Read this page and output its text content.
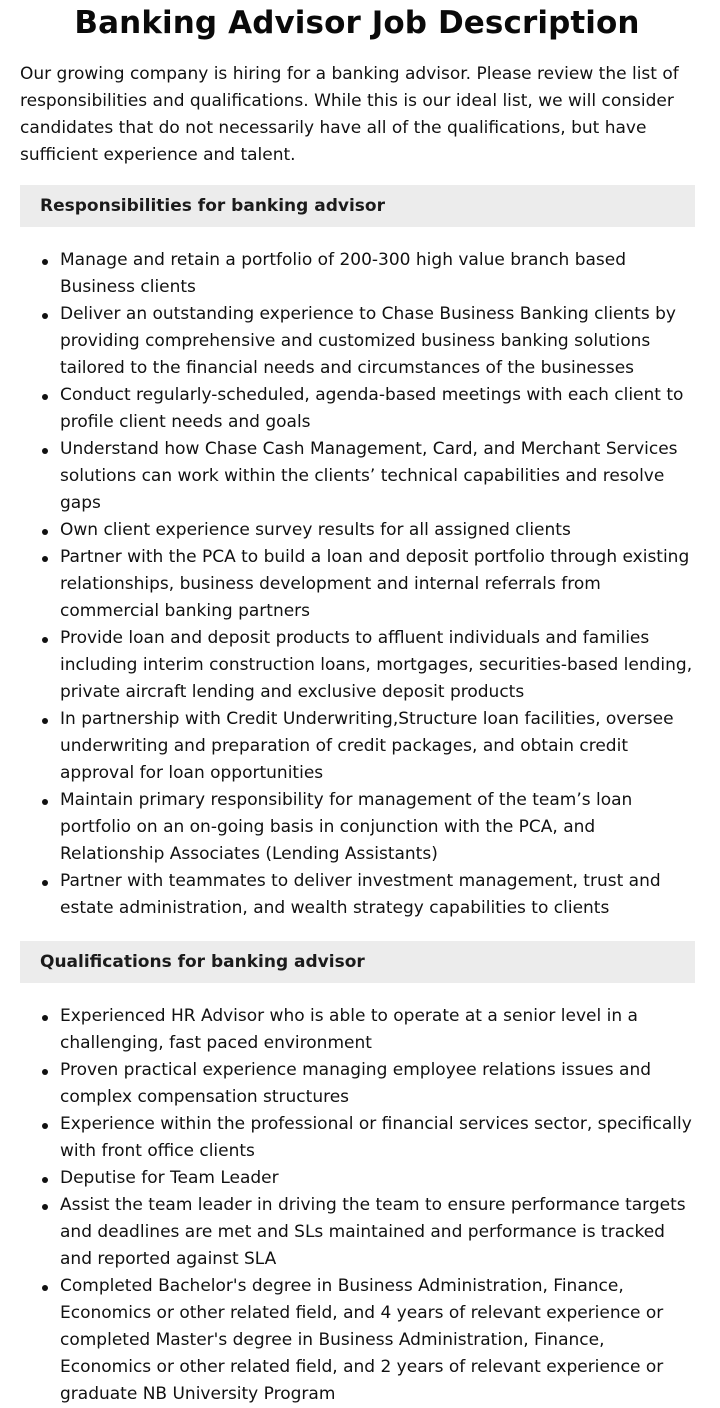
Banking Advisor Job Description

Our growing company is hiring for a banking advisor. Please review the list of responsibilities and qualifications. While this is our ideal list, we will consider candidates that do not necessarily have all of the qualifications, but have sufficient experience and talent.

Responsibilities for banking advisor
Manage and retain a portfolio of 200-300 high value branch based Business clients
Deliver an outstanding experience to Chase Business Banking clients by providing comprehensive and customized business banking solutions tailored to the financial needs and circumstances of the businesses
Conduct regularly-scheduled, agenda-based meetings with each client to profile client needs and goals
Understand how Chase Cash Management, Card, and Merchant Services solutions can work within the clients’ technical capabilities and resolve gaps
Own client experience survey results for all assigned clients
Partner with the PCA to build a loan and deposit portfolio through existing relationships, business development and internal referrals from commercial banking partners
Provide loan and deposit products to affluent individuals and families including interim construction loans, mortgages, securities-based lending, private aircraft lending and exclusive deposit products
In partnership with Credit Underwriting,Structure loan facilities, oversee underwriting and preparation of credit packages, and obtain credit approval for loan opportunities
Maintain primary responsibility for management of the team’s loan portfolio on an on-going basis in conjunction with the PCA, and Relationship Associates (Lending Assistants)
Partner with teammates to deliver investment management, trust and estate administration, and wealth strategy capabilities to clients
Qualifications for banking advisor
Experienced HR Advisor who is able to operate at a senior level in a challenging, fast paced environment
Proven practical experience managing employee relations issues and complex compensation structures
Experience within the professional or financial services sector, specifically with front office clients
Deputise for Team Leader
Assist the team leader in driving the team to ensure performance targets and deadlines are met and SLs maintained and performance is tracked and reported against SLA
Completed Bachelor's degree in Business Administration, Finance, Economics or other related field, and 4 years of relevant experience or completed Master's degree in Business Administration, Finance, Economics or other related field, and 2 years of relevant experience or graduate NB University Program
